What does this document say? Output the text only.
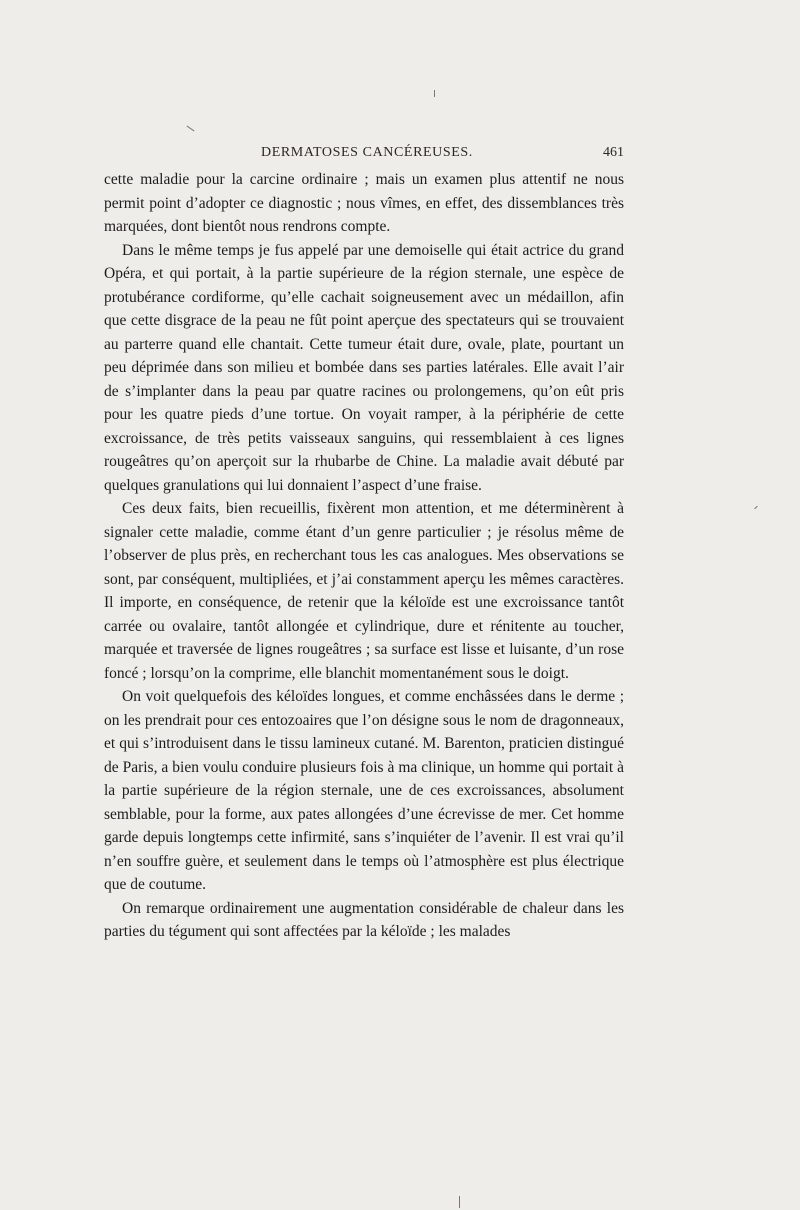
DERMATOSES CANCÉREUSES.	461

cette maladie pour la carcine ordinaire ; mais un examen plus attentif ne nous permit point d’adopter ce diagnostic ; nous vîmes, en effet, des dissemblances très marquées, dont bientôt nous rendrons compte.

Dans le même temps je fus appelé par une demoiselle qui était actrice du grand Opéra, et qui portait, à la partie supérieure de la région sternale, une espèce de protubérance cordiforme, qu’elle cachait soigneusement avec un médaillon, afin que cette disgrace de la peau ne fût point aperçue des spectateurs qui se trouvaient au parterre quand elle chantait. Cette tumeur était dure, ovale, plate, pourtant un peu déprimée dans son milieu et bombée dans ses parties latérales. Elle avait l’air de s’implanter dans la peau par quatre racines ou prolongemens, qu’on eût pris pour les quatre pieds d’une tortue. On voyait ramper, à la périphérie de cette excroissance, de très petits vaisseaux sanguins, qui ressemblaient à ces lignes rougeâtres qu’on aperçoit sur la rhubarbe de Chine. La maladie avait débuté par quelques granulations qui lui donnaient l’aspect d’une fraise.

Ces deux faits, bien recueillis, fixèrent mon attention, et me déterminèrent à signaler cette maladie, comme étant d’un genre particulier ; je résolus même de l’observer de plus près, en recherchant tous les cas analogues. Mes observations se sont, par conséquent, multipliées, et j’ai constamment aperçu les mêmes caractères. Il importe, en conséquence, de retenir que la kéloïde est une excroissance tantôt carrée ou ovalaire, tantôt allongée et cylindrique, dure et rénitente au toucher, marquée et traversée de lignes rougeâtres ; sa surface est lisse et luisante, d’un rose foncé ; lorsqu’on la comprime, elle blanchit momentanément sous le doigt.

On voit quelquefois des kéloïdes longues, et comme enchâssées dans le derme ; on les prendrait pour ces entozoaires que l’on désigne sous le nom de dragonneaux, et qui s’introduisent dans le tissu lamineux cutané. M. Barenton, praticien distingué de Paris, a bien voulu conduire plusieurs fois à ma clinique, un homme qui portait à la partie supérieure de la région sternale, une de ces excroissances, absolument semblable, pour la forme, aux pates allongées d’une écrevisse de mer. Cet homme garde depuis longtemps cette infirmité, sans s’inquiéter de l’avenir. Il est vrai qu’il n’en souffre guère, et seulement dans le temps où l’atmosphère est plus électrique que de coutume.

On remarque ordinairement une augmentation considérable de chaleur dans les parties du tégument qui sont affectées par la kéloïde ; les malades
